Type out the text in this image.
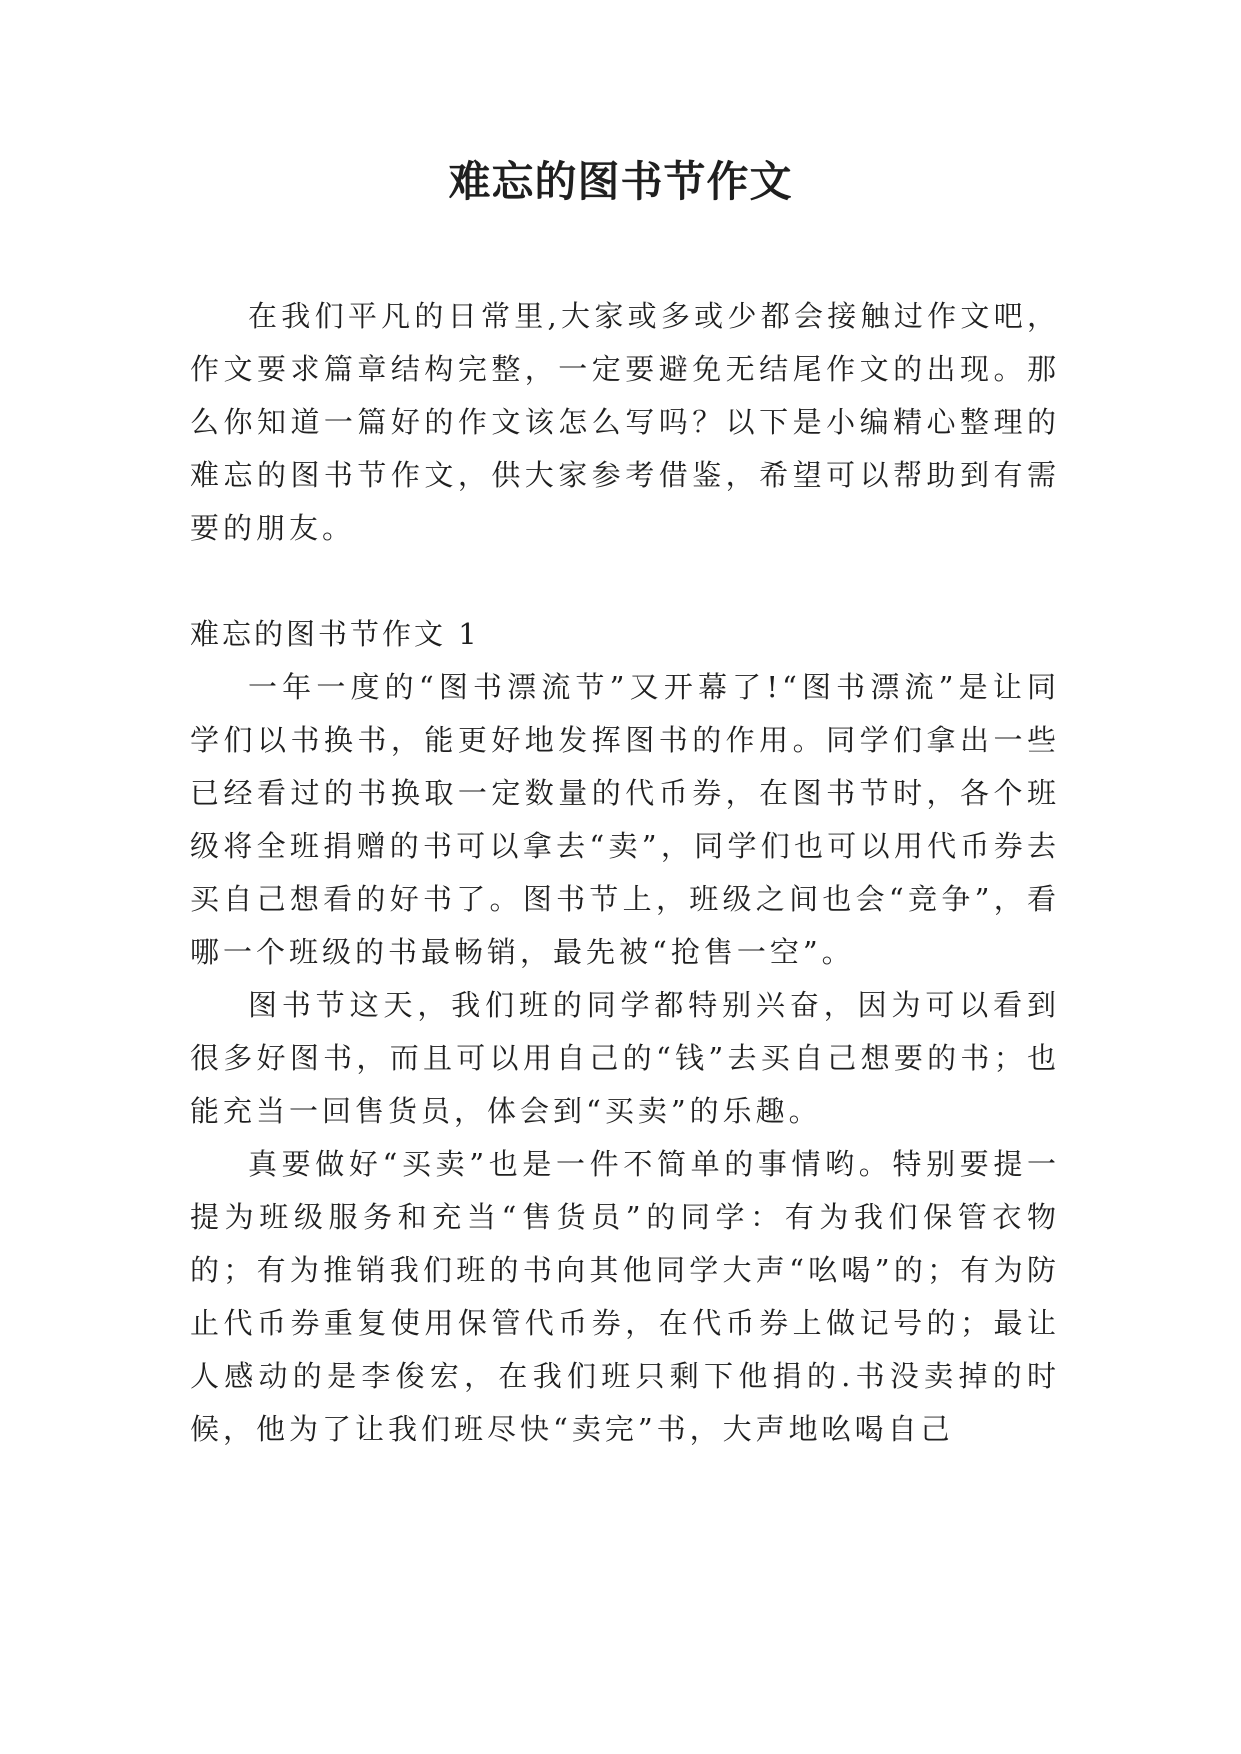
难忘的图书节作文

在我们平凡的日常里,大家或多或少都会接触过作文吧，作文要求篇章结构完整，一定要避免无结尾作文的出现。那么你知道一篇好的作文该怎么写吗？以下是小编精心整理的难忘的图书节作文，供大家参考借鉴，希望可以帮助到有需要的朋友。

难忘的图书节作文 1

一年一度的“图书漂流节”又开幕了!“图书漂流”是让同学们以书换书，能更好地发挥图书的作用。同学们拿出一些已经看过的书换取一定数量的代币券，在图书节时，各个班级将全班捐赠的书可以拿去“卖”，同学们也可以用代币券去买自己想看的好书了。图书节上，班级之间也会“竞争”，看哪一个班级的书最畅销，最先被“抢售一空”。

图书节这天，我们班的同学都特别兴奋，因为可以看到很多好图书，而且可以用自己的“钱”去买自己想要的书；也能充当一回售货员，体会到“买卖”的乐趣。

真要做好“买卖”也是一件不简单的事情哟。特别要提一提为班级服务和充当“售货员”的同学：有为我们保管衣物的；有为推销我们班的书向其他同学大声“吆喝”的；有为防止代币券重复使用保管代币券，在代币券上做记号的；最让人感动的是李俊宏，在我们班只剩下他捐的.书没卖掉的时候，他为了让我们班尽快“卖完”书，大声地吆喝自己
